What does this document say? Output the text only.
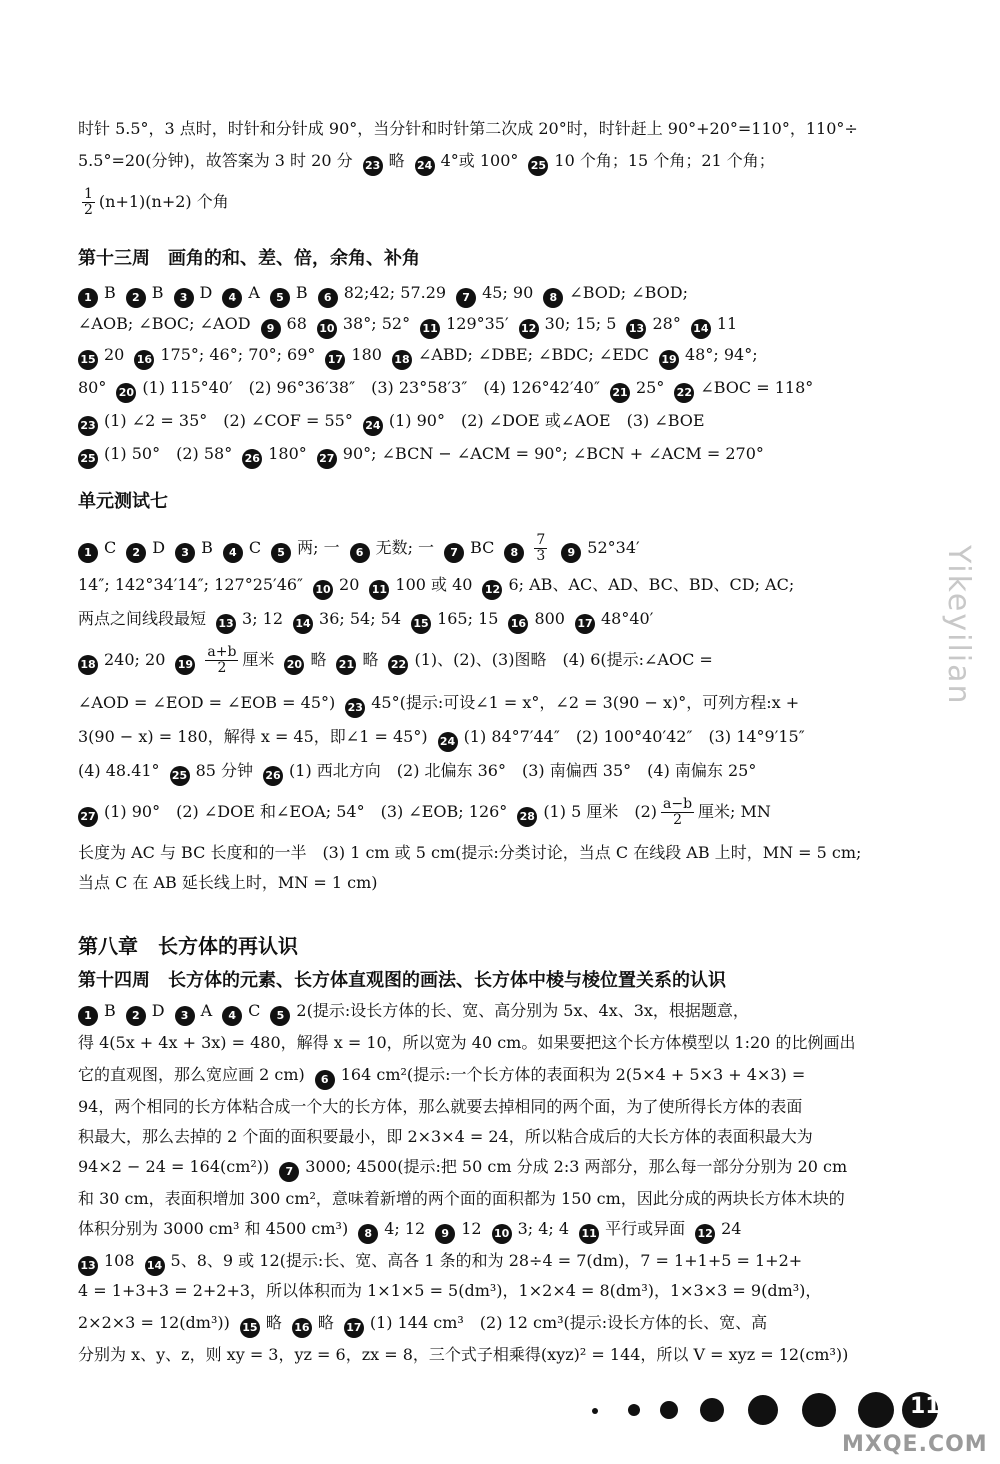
时针 5.5°，3 点时，时针和分针成 90°，当分针和时针第二次成 20°时，时针赶上 90°+20°=110°，110°÷
5.5°=20(分钟)，故答案为 3 时 20 分 23 略 24 4°或 100° 25 10 个角；15 个角；21 个角；
$\frac{1}{2} (n+1)(n+2)$ 个角
第十三周　画角的和、差、倍，余角、补角
1 B 2 B 3 D 4 A 5 B 6 82;42; 57.29 7 45; 90 8 ∠BOD; ∠BOD;
∠AOB; ∠BOC; ∠AOD 9 68 10 38°; 52° 11 129°35′ 12 30; 15; 5 13 28° 14 11
15 20 16 175°; 46°; 70°; 69° 17 180 18 ∠ABD; ∠DBE; ∠BDC; ∠EDC 19 48°; 94°;
80° 20 (1) 115°40′　(2) 96°36′38″　(3) 23°58′3″　(4) 126°42′40″ 21 25° 22 ∠BOC = 118°
23 (1) ∠2 = 35°　(2) ∠COF = 55° 24 (1) 90°　(2) ∠DOE 或∠AOE　(3) ∠BOE
25 (1) 50°　(2) 58° 26 180° 27 90°; ∠BCN − ∠ACM = 90°; ∠BCN + ∠ACM = 270°
单元测试七
1 C 2 D 3 B 4 C 5 两; 一 6 无数; 一 7 BC $8 \frac{7}{3} 9$ 52°34′
14″; 142°34′14″; 127°25′46″ 10 20 11 100 或 40 12 6; AB、AC、AD、BC、BD、CD; AC;
两点之间线段最短 13 3; 12 14 36; 54; 54 15 165; 15 16 800 17 48°40′
18 240; 20 $19 \frac{a+b}{2}$ 厘米 20 略 21 略 22 (1)、(2)、(3)图略　(4) 6(提示:∠AOC =
∠AOD = ∠EOD = ∠EOB = 45°) 23 45°(提示:可设∠1 = x°，∠2 = 3(90 − x)°，可列方程:x +
3(90 − x) = 180，解得 x = 45，即∠1 = 45°) 24 (1) 84°7′44″　(2) 100°40′42″　(3) 14°9′15″
(4) 48.41° 25 85 分钟 26 (1) 西北方向　(2) 北偏东 36°　(3) 南偏西 35°　(4) 南偏东 25°
27 (1) 90°　(2) ∠DOE 和∠EOA; 54°　(3) ∠EOB; 126° 28 (1) 5 厘米　$(2) \frac{a-b}{2}$ 厘米; MN
长度为 AC 与 BC 长度和的一半　(3) 1 cm 或 5 cm(提示:分类讨论，当点 C 在线段 AB 上时，MN = 5 cm;
当点 C 在 AB 延长线上时，MN = 1 cm)
第八章　长方体的再认识
第十四周　长方体的元素、长方体直观图的画法、长方体中棱与棱位置关系的认识
1 B 2 D 3 A 4 C 5 2(提示:设长方体的长、宽、高分别为 5x、4x、3x，根据题意，
得 4(5x + 4x + 3x) = 480，解得 x = 10，所以宽为 40 cm。如果要把这个长方体模型以 1:20 的比例画出
它的直观图，那么宽应画 2 cm) 6 164 cm²(提示:一个长方体的表面积为 2(5×4 + 5×3 + 4×3) =
94，两个相同的长方体粘合成一个大的长方体，那么就要去掉相同的两个面，为了使所得长方体的表面
积最大，那么去掉的 2 个面的面积要最小，即 2×3×4 = 24，所以粘合成后的大长方体的表面积最大为
94×2 − 24 = 164(cm²)) 7 3000; 4500(提示:把 50 cm 分成 2:3 两部分，那么每一部分分别为 20 cm
和 30 cm，表面积增加 300 cm²，意味着新增的两个面的面积都为 150 cm，因此分成的两块长方体木块的
体积分别为 3000 cm³ 和 4500 cm³) 8 4; 12 9 12 10 3; 4; 4 11 平行或异面 12 24
13 108 14 5、8、9 或 12(提示:长、宽、高各 1 条的和为 28÷4 = 7(dm)，7 = 1+1+5 = 1+2+
4 = 1+3+3 = 2+2+3，所以体积而为 1×1×5 = 5(dm³)，1×2×4 = 8(dm³)，1×3×3 = 9(dm³)，
2×2×3 = 12(dm³)) 15 略 16 略 17 (1) 144 cm³　(2) 12 cm³(提示:设长方体的长、宽、高
分别为 x、y、z，则 xy = 3，yz = 6，zx = 8，三个式子相乘得(xyz)² = 144，所以 V = xyz = 12(cm³))
Yikeyilian
11
MXQE.COM
